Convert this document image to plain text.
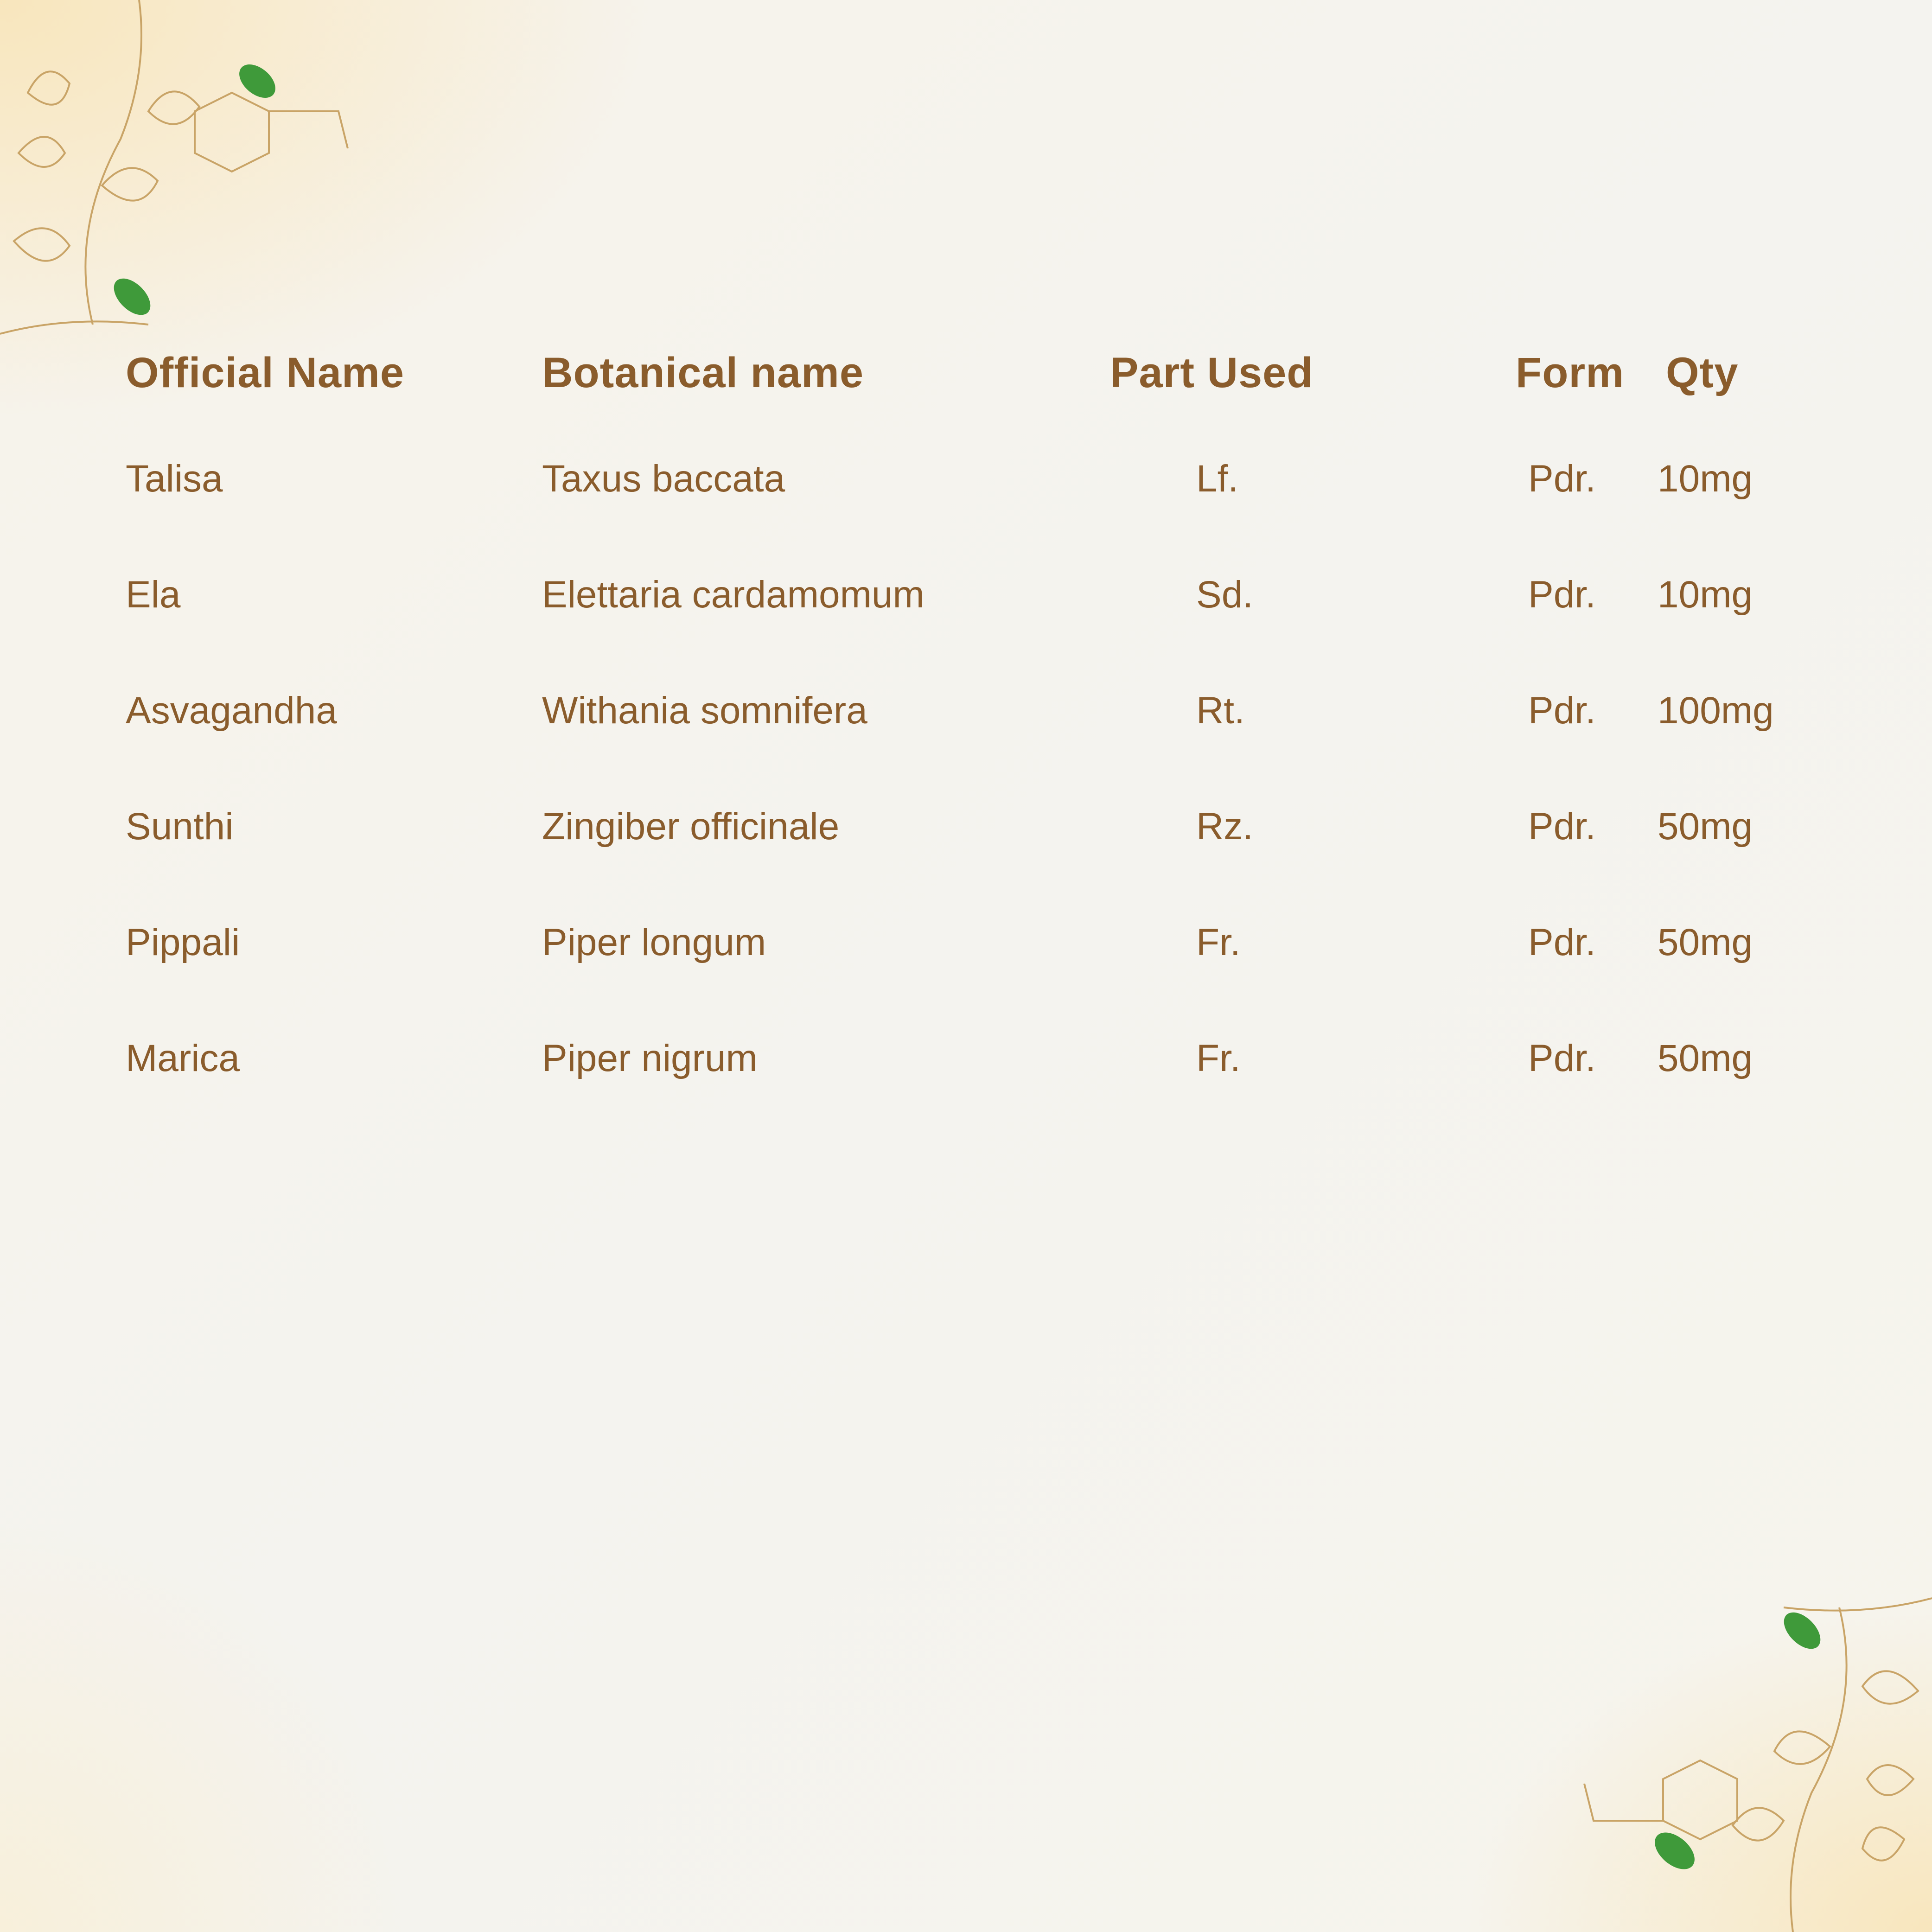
Official Name	Botanical name	Part Used	Form Qty
Talisa	Taxus baccata	Lf.	Pdr. 10mg
Ela	Elettaria cardamomum	Sd.	Pdr. 10mg
Asvagandha	Withania somnifera	Rt.	Pdr. 100mg
Sunthi	Zingiber officinale	Rz.	Pdr. 50mg
Pippali	Piper longum	Fr.	Pdr. 50mg
Marica	Piper nigrum	Fr.	Pdr. 50mg
